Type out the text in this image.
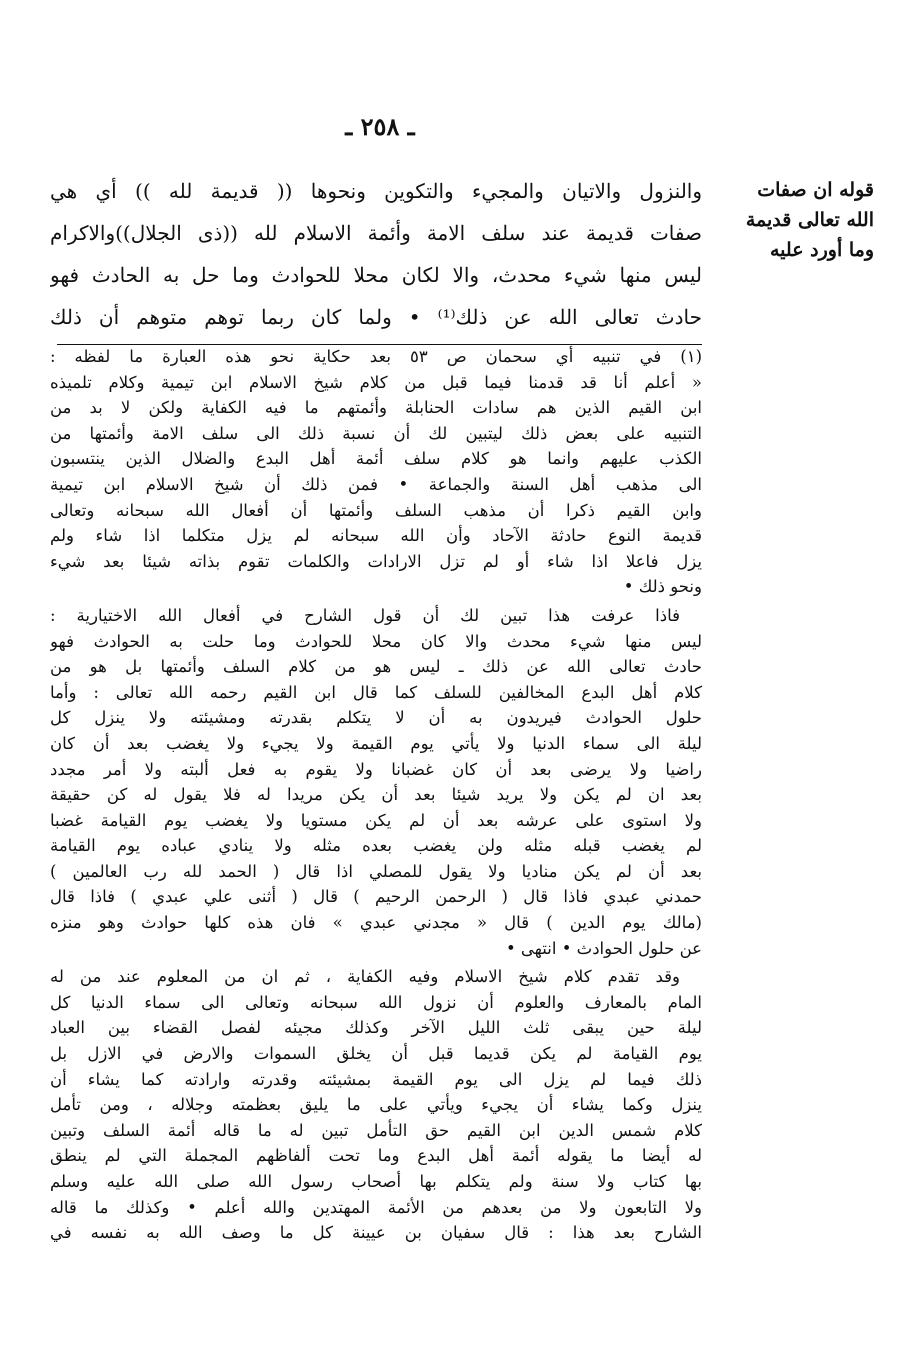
ـ ٢٥٨ ـ
قوله ان صفات
الله تعالى قديمة
وما أورد عليه
والنزول والاتيان والمجيء والتكوين ونحوها (( قديمة لله )) أي هي
صفات قديمة عند سلف الامة وأئمة الاسلام لله ((ذى الجلال))والاكرام
ليس منها شيء محدث، والا لكان محلا للحوادث وما حل به الحادث فهو
حادث تعالى الله عن ذلك⁽¹⁾ • ولما كان ربما توهم متوهم أن ذلك
(١) في تنبيه أي سحمان ص ٥٣ بعد حكاية نحو هذه العبارة ما لفظه :
« أعلم أنا قد قدمنا فيما قبل من كلام شيخ الاسلام ابن تيمية وكلام تلميذه
ابن القيم الذين هم سادات الحنابلة وأئمتهم ما فيه الكفاية ولكن لا بد من
التنبيه على بعض ذلك ليتبين لك أن نسبة ذلك الى سلف الامة وأئمتها من
الكذب عليهم وانما هو كلام سلف أئمة أهل البدع والضلال الذين ينتسبون
الى مذهب أهل السنة والجماعة • فمن ذلك أن شيخ الاسلام ابن تيمية
وابن القيم ذكرا أن مذهب السلف وأئمتها أن أفعال الله سبحانه وتعالى
قديمة النوع حادثة الآحاد وأن الله سبحانه لم يزل متكلما اذا شاء ولم
يزل فاعلا اذا شاء أو لم تزل الارادات والكلمات تقوم بذاته شيئا بعد شيء
ونحو ذلك •
فاذا عرفت هذا تبين لك أن قول الشارح في أفعال الله الاختيارية :
ليس منها شيء محدث والا كان محلا للحوادث وما حلت به الحوادث فهو
حادث تعالى الله عن ذلك ـ ليس هو من كلام السلف وأئمتها بل هو من
كلام أهل البدع المخالفين للسلف كما قال ابن القيم رحمه الله تعالى : وأما
حلول الحوادث فيريدون به أن لا يتكلم بقدرته ومشيئته ولا ينزل كل
ليلة الى سماء الدنيا ولا يأتي يوم القيمة ولا يجيء ولا يغضب بعد أن كان
راضيا ولا يرضى بعد أن كان غضبانا ولا يقوم به فعل ألبته ولا أمر مجدد
بعد ان لم يكن ولا يريد شيئا بعد أن يكن مريدا له فلا يقول له كن حقيقة
ولا استوى على عرشه بعد أن لم يكن مستويا ولا يغضب يوم القيامة غضبا
لم يغضب قبله مثله ولن يغضب بعده مثله ولا ينادي عباده يوم القيامة
بعد أن لم يكن مناديا ولا يقول للمصلي اذا قال ( الحمد لله رب العالمين )
حمدني عبدي فاذا قال ( الرحمن الرحيم ) قال ( أثنى علي عبدي ) فاذا قال
(مالك يوم الدين ) قال « مجدني عبدي » فان هذه كلها حوادث وهو منزه
عن حلول الحوادث • انتهى •
وقد تقدم كلام شيخ الاسلام وفيه الكفاية ، ثم ان من المعلوم عند من له
المام بالمعارف والعلوم أن نزول الله سبحانه وتعالى الى سماء الدنيا كل
ليلة حين يبقى ثلث الليل الآخر وكذلك مجيئه لفصل القضاء بين العباد
يوم القيامة لم يكن قديما قبل أن يخلق السموات والارض في الازل بل
ذلك فيما لم يزل الى يوم القيمة بمشيئته وقدرته وارادته كما يشاء أن
ينزل وكما يشاء أن يجيء ويأتي على ما يليق بعظمته وجلاله ، ومن تأمل
كلام شمس الدين ابن القيم حق التأمل تبين له ما قاله أئمة السلف وتبين
له أيضا ما يقوله أئمة أهل البدع وما تحت ألفاظهم المجملة التي لم ينطق
بها كتاب ولا سنة ولم يتكلم بها أصحاب رسول الله صلى الله عليه وسلم
ولا التابعون ولا من بعدهم من الأئمة المهتدين والله أعلم • وكذلك ما قاله
الشارح بعد هذا : قال سفيان بن عيينة كل ما وصف الله به نفسه في
